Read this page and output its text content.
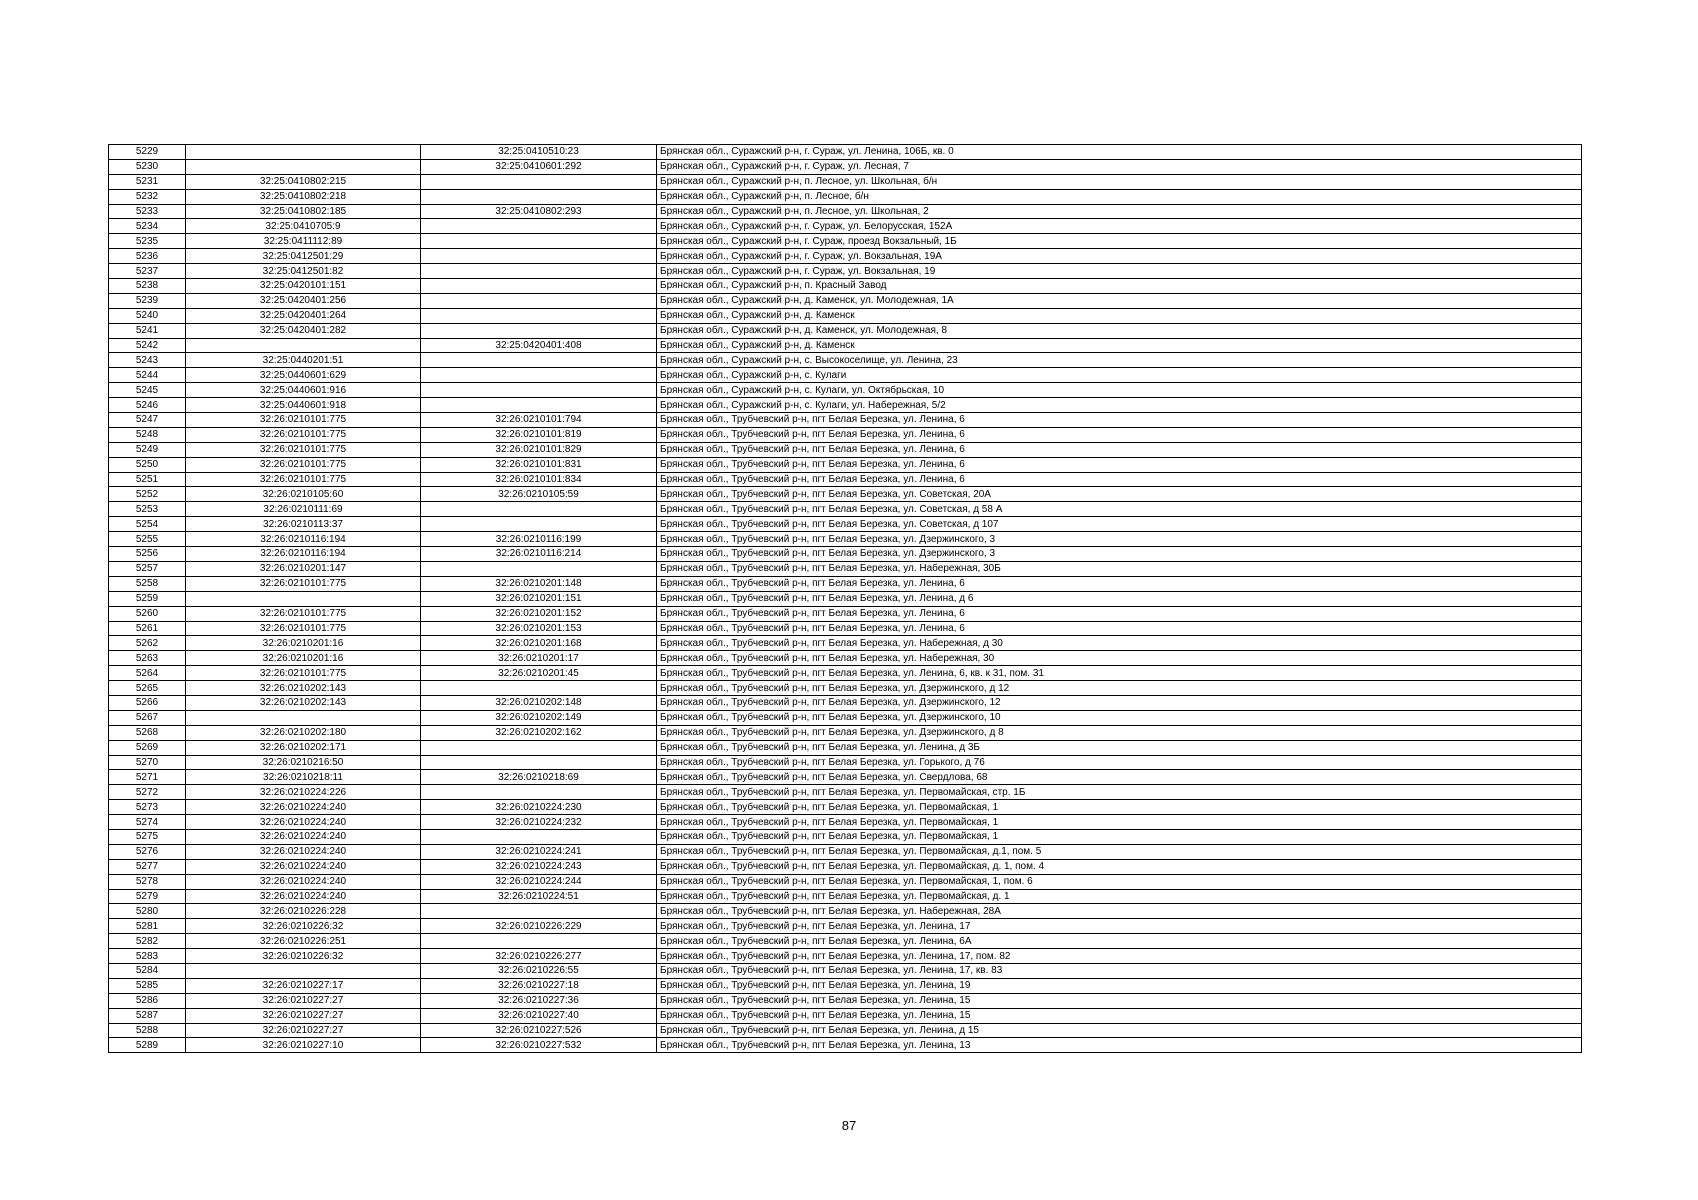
5229		32:25:0410510:23	Брянская обл., Суражский р-н, г. Сураж, ул. Ленина, 106Б, кв. 0
5230		32:25:0410601:292	Брянская обл., Суражский р-н, г. Сураж, ул. Лесная, 7
5231	32:25:0410802:215		Брянская обл., Суражский р-н, п. Лесное, ул. Школьная, б/н
5232	32:25:0410802:218		Брянская обл., Суражский р-н, п. Лесное, б/н
5233	32:25:0410802:185	32:25:0410802:293	Брянская обл., Суражский р-н, п. Лесное, ул. Школьная, 2
5234	32:25:0410705:9		Брянская обл., Суражский р-н, г. Сураж, ул. Белорусская, 152А
5235	32:25:0411112:89		Брянская обл., Суражский р-н, г. Сураж, проезд Вокзальный, 1Б
5236	32:25:0412501:29		Брянская обл., Суражский р-н, г. Сураж, ул. Вокзальная, 19А
5237	32:25:0412501:82		Брянская обл., Суражский р-н, г. Сураж, ул. Вокзальная, 19
5238	32:25:0420101:151		Брянская обл., Суражский р-н, п. Красный Завод
5239	32:25:0420401:256		Брянская обл., Суражский р-н, д. Каменск, ул. Молодежная, 1А
5240	32:25:0420401:264		Брянская обл., Суражский р-н, д. Каменск
5241	32:25:0420401:282		Брянская обл., Суражский р-н, д. Каменск, ул. Молодежная, 8
5242		32:25:0420401:408	Брянская обл., Суражский р-н, д. Каменск
5243	32:25:0440201:51		Брянская обл., Суражский р-н, с. Высокоселище, ул. Ленина, 23
5244	32:25:0440601:629		Брянская обл., Суражский р-н, с. Кулаги
5245	32:25:0440601:916		Брянская обл., Суражский р-н, с. Кулаги, ул. Октябрьская, 10
5246	32:25:0440601:918		Брянская обл., Суражский р-н, с. Кулаги, ул. Набережная, 5/2
5247	32:26:0210101:775	32:26:0210101:794	Брянская обл., Трубчевский р-н, пгт Белая Березка, ул. Ленина, 6
5248	32:26:0210101:775	32:26:0210101:819	Брянская обл., Трубчевский р-н, пгт Белая Березка, ул. Ленина, 6
5249	32:26:0210101:775	32:26:0210101:829	Брянская обл., Трубчевский р-н, пгт Белая Березка, ул. Ленина, 6
5250	32:26:0210101:775	32:26:0210101:831	Брянская обл., Трубчевский р-н, пгт Белая Березка, ул. Ленина, 6
5251	32:26:0210101:775	32:26:0210101:834	Брянская обл., Трубчевский р-н, пгт Белая Березка, ул. Ленина, 6
5252	32:26:0210105:60	32:26:0210105:59	Брянская обл., Трубчевский р-н, пгт Белая Березка, ул. Советская, 20А
5253	32:26:0210111:69		Брянская обл., Трубчевский р-н, пгт Белая Березка, ул. Советская, д 58 А
5254	32:26:0210113:37		Брянская обл., Трубчевский р-н, пгт Белая Березка, ул. Советская, д 107
5255	32:26:0210116:194	32:26:0210116:199	Брянская обл., Трубчевский р-н, пгт Белая Березка, ул. Дзержинского, 3
5256	32:26:0210116:194	32:26:0210116:214	Брянская обл., Трубчевский р-н, пгт Белая Березка, ул. Дзержинского, 3
5257	32:26:0210201:147		Брянская обл., Трубчевский р-н, пгт Белая Березка, ул. Набережная, 30Б
5258	32:26:0210101:775	32:26:0210201:148	Брянская обл., Трубчевский р-н, пгт Белая Березка, ул. Ленина, 6
5259		32:26:0210201:151	Брянская обл., Трубчевский р-н, пгт Белая Березка, ул. Ленина, д 6
5260	32:26:0210101:775	32:26:0210201:152	Брянская обл., Трубчевский р-н, пгт Белая Березка, ул. Ленина, 6
5261	32:26:0210101:775	32:26:0210201:153	Брянская обл., Трубчевский р-н, пгт Белая Березка, ул. Ленина, 6
5262	32:26:0210201:16	32:26:0210201:168	Брянская обл., Трубчевский р-н, пгт Белая Березка, ул. Набережная, д 30
5263	32:26:0210201:16	32:26:0210201:17	Брянская обл., Трубчевский р-н, пгт Белая Березка, ул. Набережная, 30
5264	32:26:0210101:775	32:26:0210201:45	Брянская обл., Трубчевский р-н, пгт Белая Березка, ул. Ленина, 6, кв. к 31, пом. 31
5265	32:26:0210202:143		Брянская обл., Трубчевский р-н, пгт Белая Березка, ул. Дзержинского, д 12
5266	32:26:0210202:143	32:26:0210202:148	Брянская обл., Трубчевский р-н, пгт Белая Березка, ул. Дзержинского, 12
5267		32:26:0210202:149	Брянская обл., Трубчевский р-н, пгт Белая Березка, ул. Дзержинского, 10
5268	32:26:0210202:180	32:26:0210202:162	Брянская обл., Трубчевский р-н, пгт Белая Березка, ул. Дзержинского, д 8
5269	32:26:0210202:171		Брянская обл., Трубчевский р-н, пгт Белая Березка, ул. Ленина, д 3Б
5270	32:26:0210216:50		Брянская обл., Трубчевский р-н, пгт Белая Березка, ул. Горького, д 76
5271	32:26:0210218:11	32:26:0210218:69	Брянская обл., Трубчевский р-н, пгт Белая Березка, ул. Свердлова, 68
5272	32:26:0210224:226		Брянская обл., Трубчевский р-н, пгт Белая Березка, ул. Первомайская, стр. 1Б
5273	32:26:0210224:240	32:26:0210224:230	Брянская обл., Трубчевский р-н, пгт Белая Березка, ул. Первомайская, 1
5274	32:26:0210224:240	32:26:0210224:232	Брянская обл., Трубчевский р-н, пгт Белая Березка, ул. Первомайская, 1
5275	32:26:0210224:240		Брянская обл., Трубчевский р-н, пгт Белая Березка, ул. Первомайская, 1
5276	32:26:0210224:240	32:26:0210224:241	Брянская обл., Трубчевский р-н, пгт Белая Березка, ул. Первомайская, д.1, пом. 5
5277	32:26:0210224:240	32:26:0210224:243	Брянская обл., Трубчевский р-н, пгт Белая Березка, ул. Первомайская, д. 1, пом. 4
5278	32:26:0210224:240	32:26:0210224:244	Брянская обл., Трубчевский р-н, пгт Белая Березка, ул. Первомайская, 1, пом. 6
5279	32:26:0210224:240	32:26:0210224:51	Брянская обл., Трубчевский р-н, пгт Белая Березка, ул. Первомайская, д. 1
5280	32:26:0210226:228		Брянская обл., Трубчевский р-н, пгт Белая Березка, ул. Набережная, 28А
5281	32:26:0210226:32	32:26:0210226:229	Брянская обл., Трубчевский р-н, пгт Белая Березка, ул. Ленина, 17
5282	32:26:0210226:251		Брянская обл., Трубчевский р-н, пгт Белая Березка, ул. Ленина, 6А
5283	32:26:0210226:32	32:26:0210226:277	Брянская обл., Трубчевский р-н, пгт Белая Березка, ул. Ленина, 17, пом. 82
5284		32:26:0210226:55	Брянская обл., Трубчевский р-н, пгт Белая Березка, ул. Ленина, 17, кв. 83
5285	32:26:0210227:17	32:26:0210227:18	Брянская обл., Трубчевский р-н, пгт Белая Березка, ул. Ленина, 19
5286	32:26:0210227:27	32:26:0210227:36	Брянская обл., Трубчевский р-н, пгт Белая Березка, ул. Ленина, 15
5287	32:26:0210227:27	32:26:0210227:40	Брянская обл., Трубчевский р-н, пгт Белая Березка, ул. Ленина, 15
5288	32:26:0210227:27	32:26:0210227:526	Брянская обл., Трубчевский р-н, пгт Белая Березка, ул. Ленина, д 15
5289	32:26:0210227:10	32:26:0210227:532	Брянская обл., Трубчевский р-н, пгт Белая Березка, ул. Ленина, 13
87
